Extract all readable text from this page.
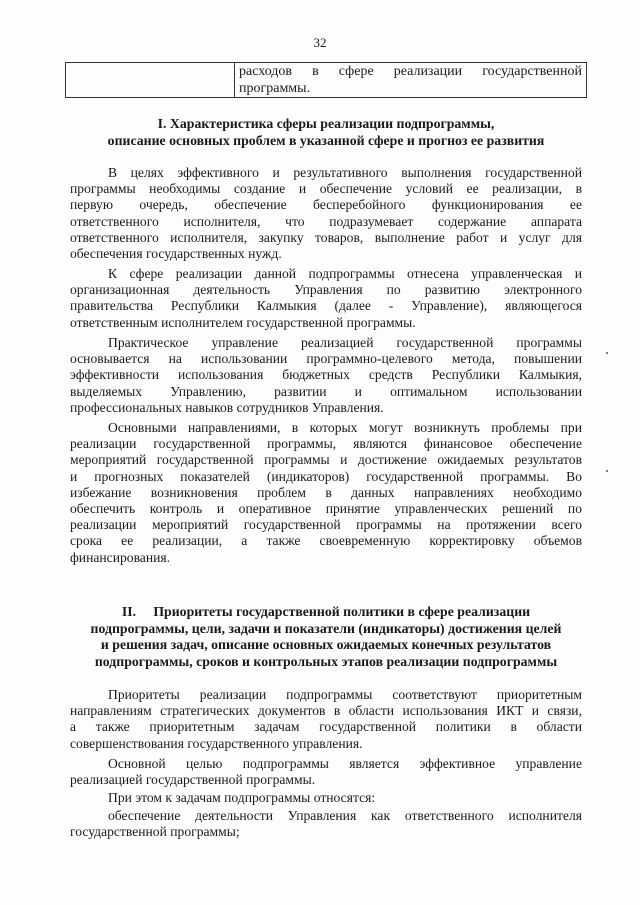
32

расходов в сфере реализации государственной
программы.
I. Характеристика сферы реализации подпрограммы,
описание основных проблем в указанной сфере и прогноз ее развития
В целях эффективного и результативного выполнения государственной
программы необходимы создание и обеспечение условий ее реализации, в
первую очередь, обеспечение бесперебойного функционирования ее
ответственного исполнителя, что подразумевает содержание аппарата
ответственного исполнителя, закупку товаров, выполнение работ и услуг для
обеспечения государственных нужд.
К сфере реализации данной подпрограммы отнесена управленческая и
организационная деятельность Управления по развитию электронного
правительства Республики Калмыкия (далее - Управление), являющегося
ответственным исполнителем государственной программы.
Практическое управление реализацией государственной программы
основывается на использовании программно-целевого метода, повышении
эффективности использования бюджетных средств Республики Калмыкия,
выделяемых Управлению, развитии и оптимальном использовании
профессиональных навыков сотрудников Управления.
Основными направлениями, в которых могут возникнуть проблемы при
реализации государственной программы, являются финансовое обеспечение
мероприятий государственной программы и достижение ожидаемых результатов
и прогнозных показателей (индикаторов) государственной программы. Во
избежание возникновения проблем в данных направлениях необходимо
обеспечить контроль и оперативное принятие управленческих решений по
реализации мероприятий государственной программы на протяжении всего
срока ее реализации, а также своевременную корректировку объемов
финансирования.
II.     Приоритеты государственной политики в сфере реализации
подпрограммы, цели, задачи и показатели (индикаторы) достижения целей
и решения задач, описание основных ожидаемых конечных результатов
подпрограммы, сроков и контрольных этапов реализации подпрограммы
Приоритеты реализации подпрограммы соответствуют приоритетным
направлениям стратегических документов в области использования ИКТ и связи,
а также приоритетным задачам государственной политики в области
совершенствования государственного управления.
Основной целью подпрограммы является эффективное управление
реализацией государственной программы.
При этом к задачам подпрограммы относятся:
обеспечение деятельности Управления как ответственного исполнителя
государственной программы;
